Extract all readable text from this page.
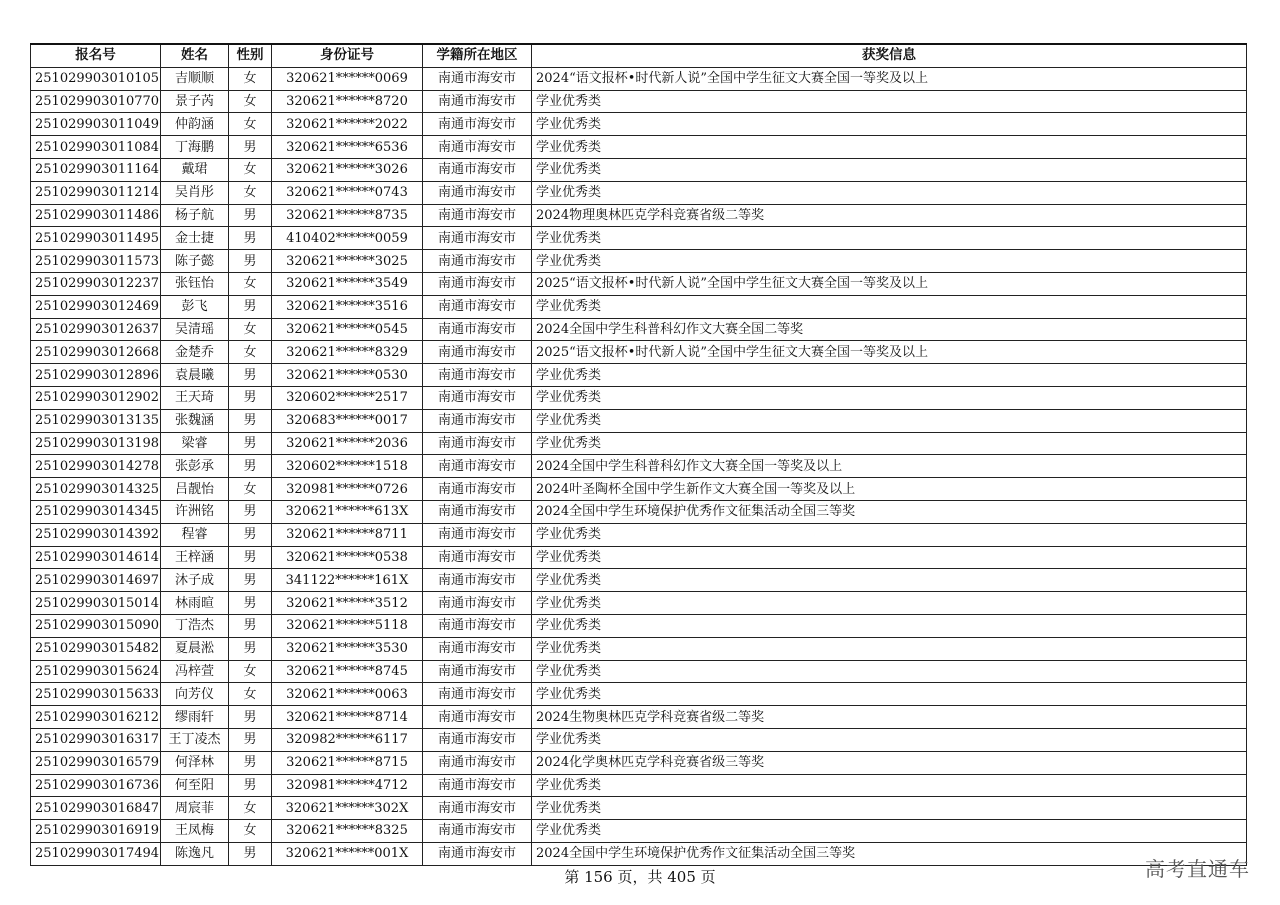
报名号	姓名	性别	身份证号	学籍所在地区	获奖信息
251029903010105	吉顺顺	女	320621******0069	南通市海安市	2024“语文报杯•时代新人说”全国中学生征文大赛全国一等奖及以上
251029903010770	景子芮	女	320621******8720	南通市海安市	学业优秀类
251029903011049	仲韵涵	女	320621******2022	南通市海安市	学业优秀类
251029903011084	丁海鹏	男	320621******6536	南通市海安市	学业优秀类
251029903011164	戴珺	女	320621******3026	南通市海安市	学业优秀类
251029903011214	吴肖彤	女	320621******0743	南通市海安市	学业优秀类
251029903011486	杨子航	男	320621******8735	南通市海安市	2024物理奥林匹克学科竞赛省级二等奖
251029903011495	金士捷	男	410402******0059	南通市海安市	学业优秀类
251029903011573	陈子懿	男	320621******3025	南通市海安市	学业优秀类
251029903012237	张钰怡	女	320621******3549	南通市海安市	2025“语文报杯•时代新人说”全国中学生征文大赛全国一等奖及以上
251029903012469	彭飞	男	320621******3516	南通市海安市	学业优秀类
251029903012637	吴清瑶	女	320621******0545	南通市海安市	2024全国中学生科普科幻作文大赛全国二等奖
251029903012668	金楚乔	女	320621******8329	南通市海安市	2025“语文报杯•时代新人说”全国中学生征文大赛全国一等奖及以上
251029903012896	袁晨曦	男	320621******0530	南通市海安市	学业优秀类
251029903012902	王天琦	男	320602******2517	南通市海安市	学业优秀类
251029903013135	张魏涵	男	320683******0017	南通市海安市	学业优秀类
251029903013198	梁睿	男	320621******2036	南通市海安市	学业优秀类
251029903014278	张彭承	男	320602******1518	南通市海安市	2024全国中学生科普科幻作文大赛全国一等奖及以上
251029903014325	吕靓怡	女	320981******0726	南通市海安市	2024叶圣陶杯全国中学生新作文大赛全国一等奖及以上
251029903014345	许洲铭	男	320621******613X	南通市海安市	2024全国中学生环境保护优秀作文征集活动全国三等奖
251029903014392	程睿	男	320621******8711	南通市海安市	学业优秀类
251029903014614	王梓涵	男	320621******0538	南通市海安市	学业优秀类
251029903014697	沐子成	男	341122******161X	南通市海安市	学业优秀类
251029903015014	林雨暄	男	320621******3512	南通市海安市	学业优秀类
251029903015090	丁浩杰	男	320621******5118	南通市海安市	学业优秀类
251029903015482	夏晨淞	男	320621******3530	南通市海安市	学业优秀类
251029903015624	冯梓萱	女	320621******8745	南通市海安市	学业优秀类
251029903015633	向芳仪	女	320621******0063	南通市海安市	学业优秀类
251029903016212	缪雨轩	男	320621******8714	南通市海安市	2024生物奥林匹克学科竞赛省级二等奖
251029903016317	王丁凌杰	男	320982******6117	南通市海安市	学业优秀类
251029903016579	何泽林	男	320621******8715	南通市海安市	2024化学奥林匹克学科竞赛省级三等奖
251029903016736	何至阳	男	320981******4712	南通市海安市	学业优秀类
251029903016847	周宸菲	女	320621******302X	南通市海安市	学业优秀类
251029903016919	王凤梅	女	320621******8325	南通市海安市	学业优秀类
251029903017494	陈逸凡	男	320621******001X	南通市海安市	2024全国中学生环境保护优秀作文征集活动全国三等奖
第 156 页，共 405 页	高考直通车
